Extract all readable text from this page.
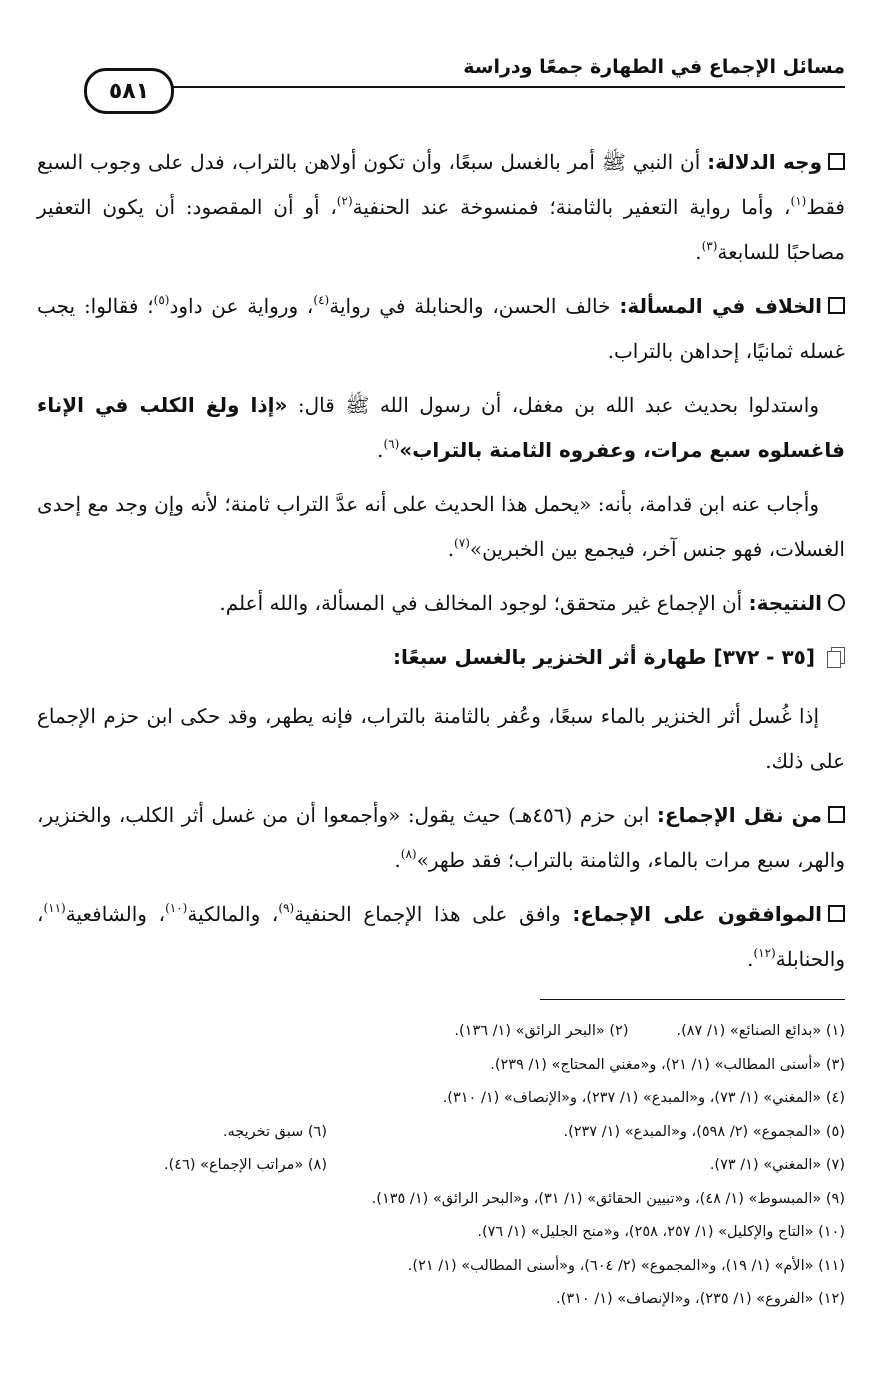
مسائل الإجماع في الطهارة جمعًا ودراسة
٥٨١

وجه الدلالة: أن النبي ﷺ أمر بالغسل سبعًا، وأن تكون أولاهن بالتراب، فدل على وجوب السبع فقط$^{(١)}$، وأما رواية التعفير بالثامنة؛ فمنسوخة عند الحنفية$^{(٢)}$، أو أن المقصود: أن يكون التعفير مصاحبًا للسابعة$^{(٣)}$.

الخلاف في المسألة: خالف الحسن، والحنابلة في رواية$^{(٤)}$، ورواية عن داود$^{(٥)}$؛ فقالوا: يجب غسله ثمانيًا، إحداهن بالتراب.

واستدلوا بحديث عبد الله بن مغفل، أن رسول الله ﷺ قال: «إذا ولغ الكلب في الإناء فاغسلوه سبع مرات، وعفروه الثامنة بالتراب»$^{(٦)}$.

وأجاب عنه ابن قدامة، بأنه: «يحمل هذا الحديث على أنه عدَّ التراب ثامنة؛ لأنه وإن وجد مع إحدى الغسلات، فهو جنس آخر، فيجمع بين الخبرين»$^{(٧)}$.

النتيجة: أن الإجماع غير متحقق؛ لوجود المخالف في المسألة، والله أعلم.

[٣٥ - ٣٧٢] طهارة أثر الخنزير بالغسل سبعًا:

إذا غُسل أثر الخنزير بالماء سبعًا، وعُفر بالثامنة بالتراب، فإنه يطهر، وقد حكى ابن حزم الإجماع على ذلك.

من نقل الإجماع: ابن حزم (٤٥٦هـ) حيث يقول: «وأجمعوا أن من غسل أثر الكلب، والخنزير، والهر، سبع مرات بالماء، والثامنة بالتراب؛ فقد طهر»$^{(٨)}$.

الموافقون على الإجماع: وافق على هذا الإجماع الحنفية$^{(٩)}$، والمالكية$^{(١٠)}$، والشافعية$^{(١١)}$، والحنابلة$^{(١٢)}$.

(١) «بدائع الصنائع» (١/ ٨٧).
(٢) «البحر الرائق» (١/ ١٣٦).
(٣) «أسنى المطالب» (١/ ٢١)، و«مغني المحتاج» (١/ ٢٣٩).
(٤) «المغني» (١/ ٧٣)، و«المبدع» (١/ ٢٣٧)، و«الإنصاف» (١/ ٣١٠).
(٥) «المجموع» (٢/ ٥٩٨)، و«المبدع» (١/ ٢٣٧).
(٦) سبق تخريجه.
(٧) «المغني» (١/ ٧٣).
(٨) «مراتب الإجماع» (٤٦).
(٩) «المبسوط» (١/ ٤٨)، و«تبيين الحقائق» (١/ ٣١)، و«البحر الرائق» (١/ ١٣٥).
(١٠) «التاج والإكليل» (١/ ٢٥٧، ٢٥٨)، و«منح الجليل» (١/ ٧٦).
(١١) «الأم» (١/ ١٩)، و«المجموع» (٢/ ٦٠٤)، و«أسنى المطالب» (١/ ٢١).
(١٢) «الفروع» (١/ ٢٣٥)، و«الإنصاف» (١/ ٣١٠).
